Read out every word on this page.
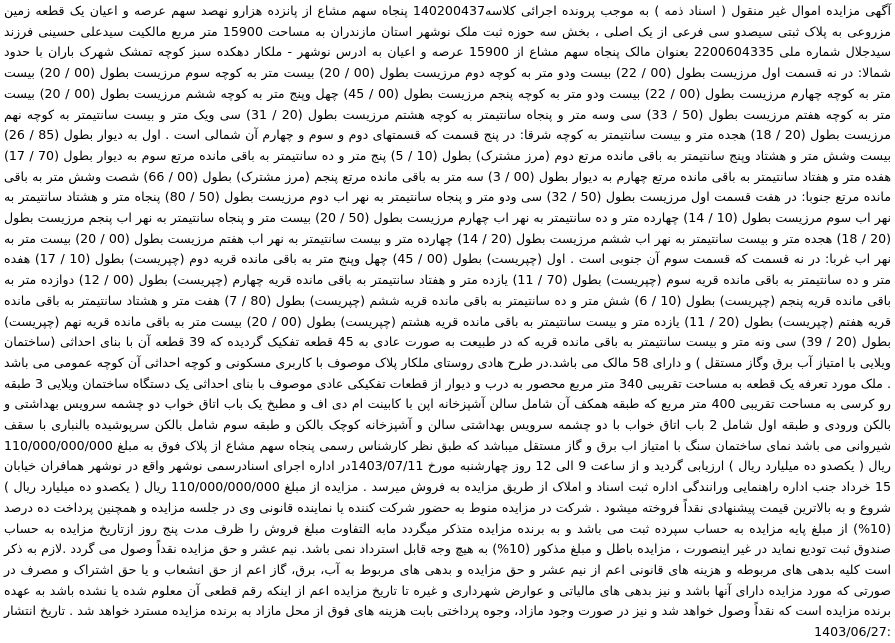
آگهی مزایده اموال غیر منقول ( اسناد ذمه ) به موجب پرونده اجرائی کلاسه140200437 پنجاه سهم مشاع از پانزده هزارو نهصد سهم عرصه و اعیان یک قطعه زمین مزروعی به پلاک ثبتی سیصدو سی فرعی از یک اصلی ، بخش سه حوزه ثبت ملک نوشهر استان مازندران به مساحت 15900 متر مربع مالکیت سیدعلی حسینی فرزند سیدجلال شماره ملی 2200604335 بعنوان مالک پنجاه سهم مشاع از 15900 عرصه و اعیان به ادرس نوشهر - ملکار دهکده سبز کوچه تمشک شهرک باران با حدود شمالا: در نه قسمت اول مرزیست بطول (00 / 22) بیست ودو متر به کوچه دوم مرزیست بطول (00 / 20) بیست متر به کوچه سوم مرزیست بطول (00 / 20) بیست متر به کوچه چهارم مرزیست بطول (00 / 22) بیست ودو متر به کوچه پنجم مرزیست بطول (00 / 45) چهل وپنج متر به کوچه ششم مرزیست بطول (00 / 20) بیست متر به کوچه هفتم مرزیست بطول (50 / 33) سی وسه متر و پنجاه سانتیمتر به کوچه هشتم مرزیست بطول (20 / 31) سی ویک متر و بیست سانتیمتر به کوچه نهم مرزیست بطول (20 / 18) هجده متر و بیست سانتیمتر به کوچه شرقا: در پنج قسمت که قسمتهای دوم و سوم و چهارم آن شمالی است . اول به دیوار بطول (85 / 26) بیست وشش متر و هشتاد وپنج سانتیمتر به باقی مانده مرتع دوم (مرز مشترک) بطول (10 / 5) پنج متر و ده سانتیمتر به باقی مانده مرتع سوم به دیوار بطول (70 / 17) هفده متر و هفتاد سانتیمتر به باقی مانده مرتع چهارم به دیوار بطول (00 / 3) سه متر به باقی مانده مرتع پنجم (مرز مشترک) بطول (00 / 66) شصت وشش متر به باقی مانده مرتع جنوبا: در هفت قسمت اول مرزیست بطول (50 / 32) سی ودو متر و پنجاه سانتیمتر به نهر اب دوم مرزیست بطول (50 / 80) پنجاه متر و هشتاد سانتیمتر به نهر اب سوم مرزیست بطول (10 / 14) چهارده متر و ده سانتیمتر به نهر اب چهارم مرزیست بطول (50 / 20) بیست متر و پنجاه سانتیمتر به نهر اب پنجم مرزیست بطول (20 / 18) هجده متر و بیست سانتیمتر به نهر اب ششم مرزیست بطول (20 / 14) چهارده متر و بیست سانتیمتر به نهر اب هفتم مرزیست بطول (00 / 20) بیست متر به نهر اب غربا: در نه قسمت که قسمت سوم آن جنوبی است . اول (چپریست) بطول (00 / 45) چهل وپنج متر به باقی مانده قریه دوم (چپریست) بطول (10 / 17) هفده متر و ده سانتیمتر به باقی مانده قریه سوم (چپریست) بطول (70 / 11) یازده متر و هفتاد سانتیمتر به باقی مانده قریه چهارم (چپریست) بطول (00 / 12) دوازده متر به باقی مانده قریه پنجم (چپریست) بطول (10 / 6) شش متر و ده سانتیمتر به باقی مانده قریه ششم (چپریست) بطول (80 / 7) هفت متر و هشتاد سانتیمتر به باقی مانده قریه هفتم (چپریست) بطول (20 / 11) یازده متر و بیست سانتیمتر به باقی مانده قریه هشتم (چپریست) بطول (00 / 20) بیست متر به باقی مانده قریه نهم (چپریست) بطول (20 / 39) سی ونه متر و بیست سانتیمتر به باقی مانده قریه که در طبیعت به صورت عادی به 45 قطعه تفکیک گردیده که 39 قطعه آن با بنای احداثی (ساختمان ویلایی با امتیاز آب برق وگاز مستقل ) و دارای 58 مالک می باشد.در طرح هادی روستای ملکار پلاک موصوف با کاربری مسکونی و کوچه احداثی آن کوچه عمومی می باشد . ملک مورد تعرفه یک قطعه به مساحت تقریبی 340 متر مربع محصور به درب و دیوار از قطعات تفکیکی عادی موصوف با بنای احداثی یک دستگاه ساختمان ویلایی 3 طبقه رو کرسی به مساحت تقریبی 400 متر مربع که طبقه همکف آن شامل سالن آشپزخانه اپن با کابینت ام دی اف و مطبخ یک باب اتاق خواب دو چشمه سرویس بهداشتی و بالکن ورودی و طبقه اول شامل 2 باب اتاق خواب با دو چشمه سرویس بهداشتی سالن و آشپزخانه کوچک بالکن و طبقه سوم شامل بالکن سرپوشیده بالنباری با سقف شیروانی می باشد نمای ساختمان سنگ با امتیاز اب برق و گاز مستقل میباشد که طبق نظر کارشناس رسمی پنجاه سهم مشاع از پلاک فوق به مبلغ 110/000/000/000 ریال ( یکصدو ده میلیارد ریال ) ارزیابی گردید و از ساعت 9 الی 12 روز چهارشنبه مورخ 1403/07/11در اداره اجرای اسنادرسمی نوشهر واقع در نوشهر همافران خیابان 15 خرداد جنب اداره راهنمایی ورانندگی اداره ثبت اسناد و املاک از طریق مزایده به فروش میرسد . مزایده از مبلغ 110/000/000/000 ریال ( یکصدو ده میلیارد ریال ) شروع و به بالاترین قیمت پیشنهادی نقداً فروخته میشود . شرکت در مزایده منوط به حضور شرکت کننده یا نماینده قانونی وی در جلسه مزایده و همچنین پرداخت ده درصد (10%) از مبلغ پایه مزایده به حساب سپرده ثبت می باشد و به برنده مزایده متذکر میگردد مابه التفاوت مبلغ فروش را ظرف مدت پنج روز ازتاریخ مزایده به حساب صندوق ثبت تودیع نماید در غیر اینصورت ، مزایده باطل و مبلغ مذکور (10%) به هیچ وجه قابل استرداد نمی باشد. نیم عشر و حق مزایده نقداً وصول می گردد .لازم به ذکر است کلیه بدهی های مربوطه و هزینه های قانونی اعم از نیم عشر و حق مزایده و بدهی های مربوط به آب، برق، گاز اعم از حق انشعاب و یا حق اشتراک و مصرف در صورتی که مورد مزایده دارای آنها باشد و نیز بدهی های مالیاتی و عوارض شهرداری و غیره تا تاریخ مزایده اعم از اینکه رقم قطعی آن معلوم شده یا نشده باشد به عهده برنده مزایده است که نقداً وصول خواهد شد و نیز در صورت وجود مازاد، وجوه پرداختی بابت هزینه های فوق از محل مازاد به برنده مزایده مسترد خواهد شد . تاریخ انتشار :1403/06/27
